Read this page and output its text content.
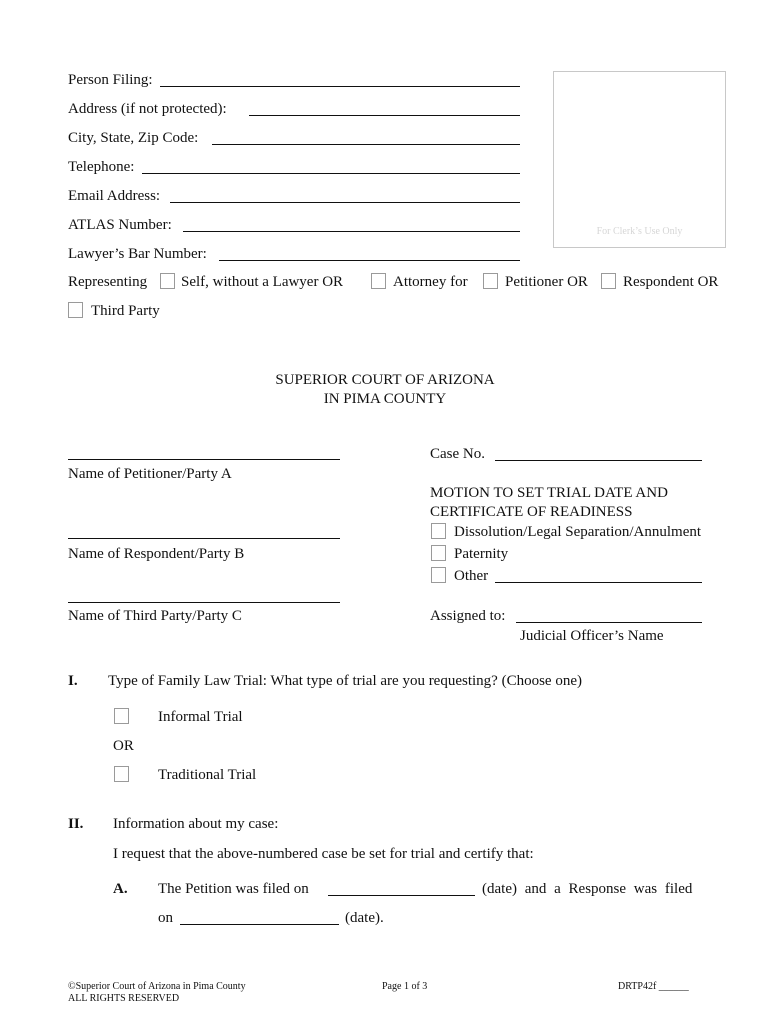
Person Filing:
Address (if not protected):
City, State, Zip Code:
Telephone:
Email Address:
ATLAS Number:
Lawyer’s Bar Number:
For Clerk’s Use Only
Representing Self, without a Lawyer OR	Attorney for Petitioner OR Respondent OR
Third Party
SUPERIOR COURT OF ARIZONA
IN PIMA COUNTY
Name of Petitioner/Party A
Name of Respondent/Party B
Name of Third Party/Party C
Case No.
MOTION TO SET TRIAL DATE AND
CERTIFICATE OF READINESS
Dissolution/Legal Separation/Annulment
Paternity
Other
Assigned to:
Judicial Officer’s Name
I. Type of Family Law Trial: What type of trial are you requesting? (Choose one)
Informal Trial
OR
Traditional Trial
II. Information about my case:
I request that the above-numbered case be set for trial and certify that:
A. The Petition was filed on	(date) and a Response was filed
on	(date).
©Superior Court of Arizona in Pima County
ALL RIGHTS RESERVED
Page 1 of 3	DRTP42f ______
